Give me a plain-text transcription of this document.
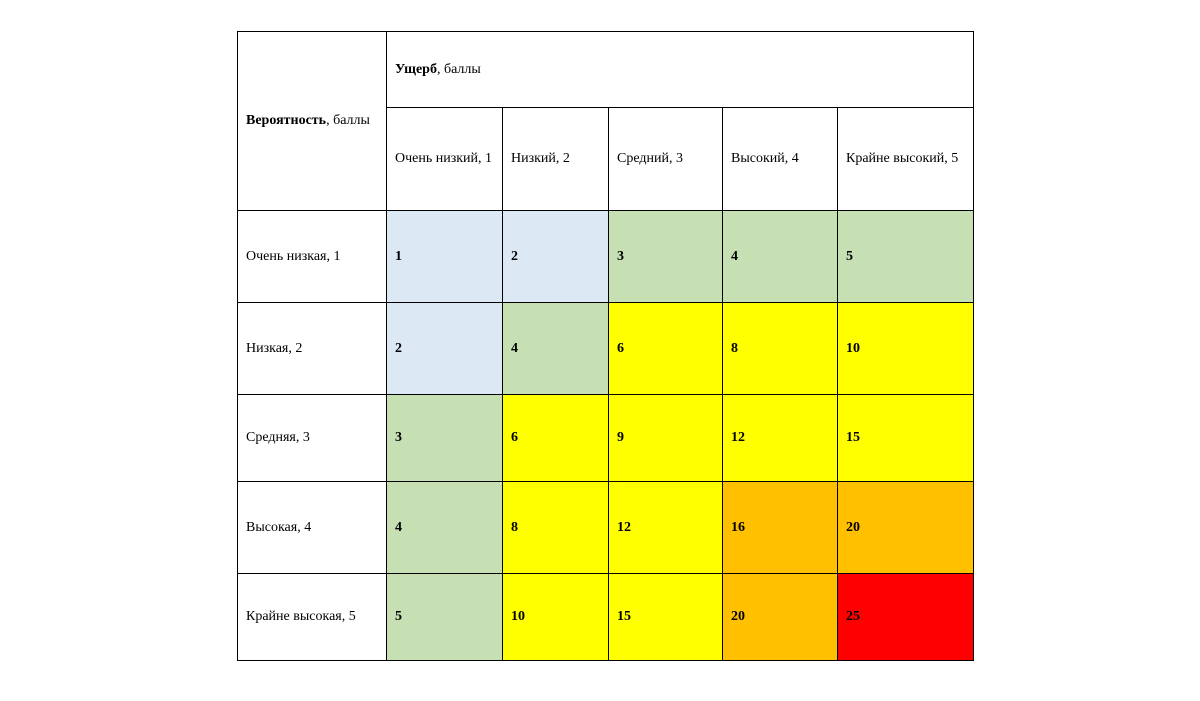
Вероятность, баллы	Ущерб, баллы				
	Очень низкий, 1	Низкий, 2	Средний, 3	Высокий, 4	Крайне высокий, 5
Очень низкая, 1	1	2	3	4	5
Низкая, 2	2	4	6	8	10
Средняя, 3	3	6	9	12	15
Высокая, 4	4	8	12	16	20
Крайне высокая, 5	5	10	15	20	25
